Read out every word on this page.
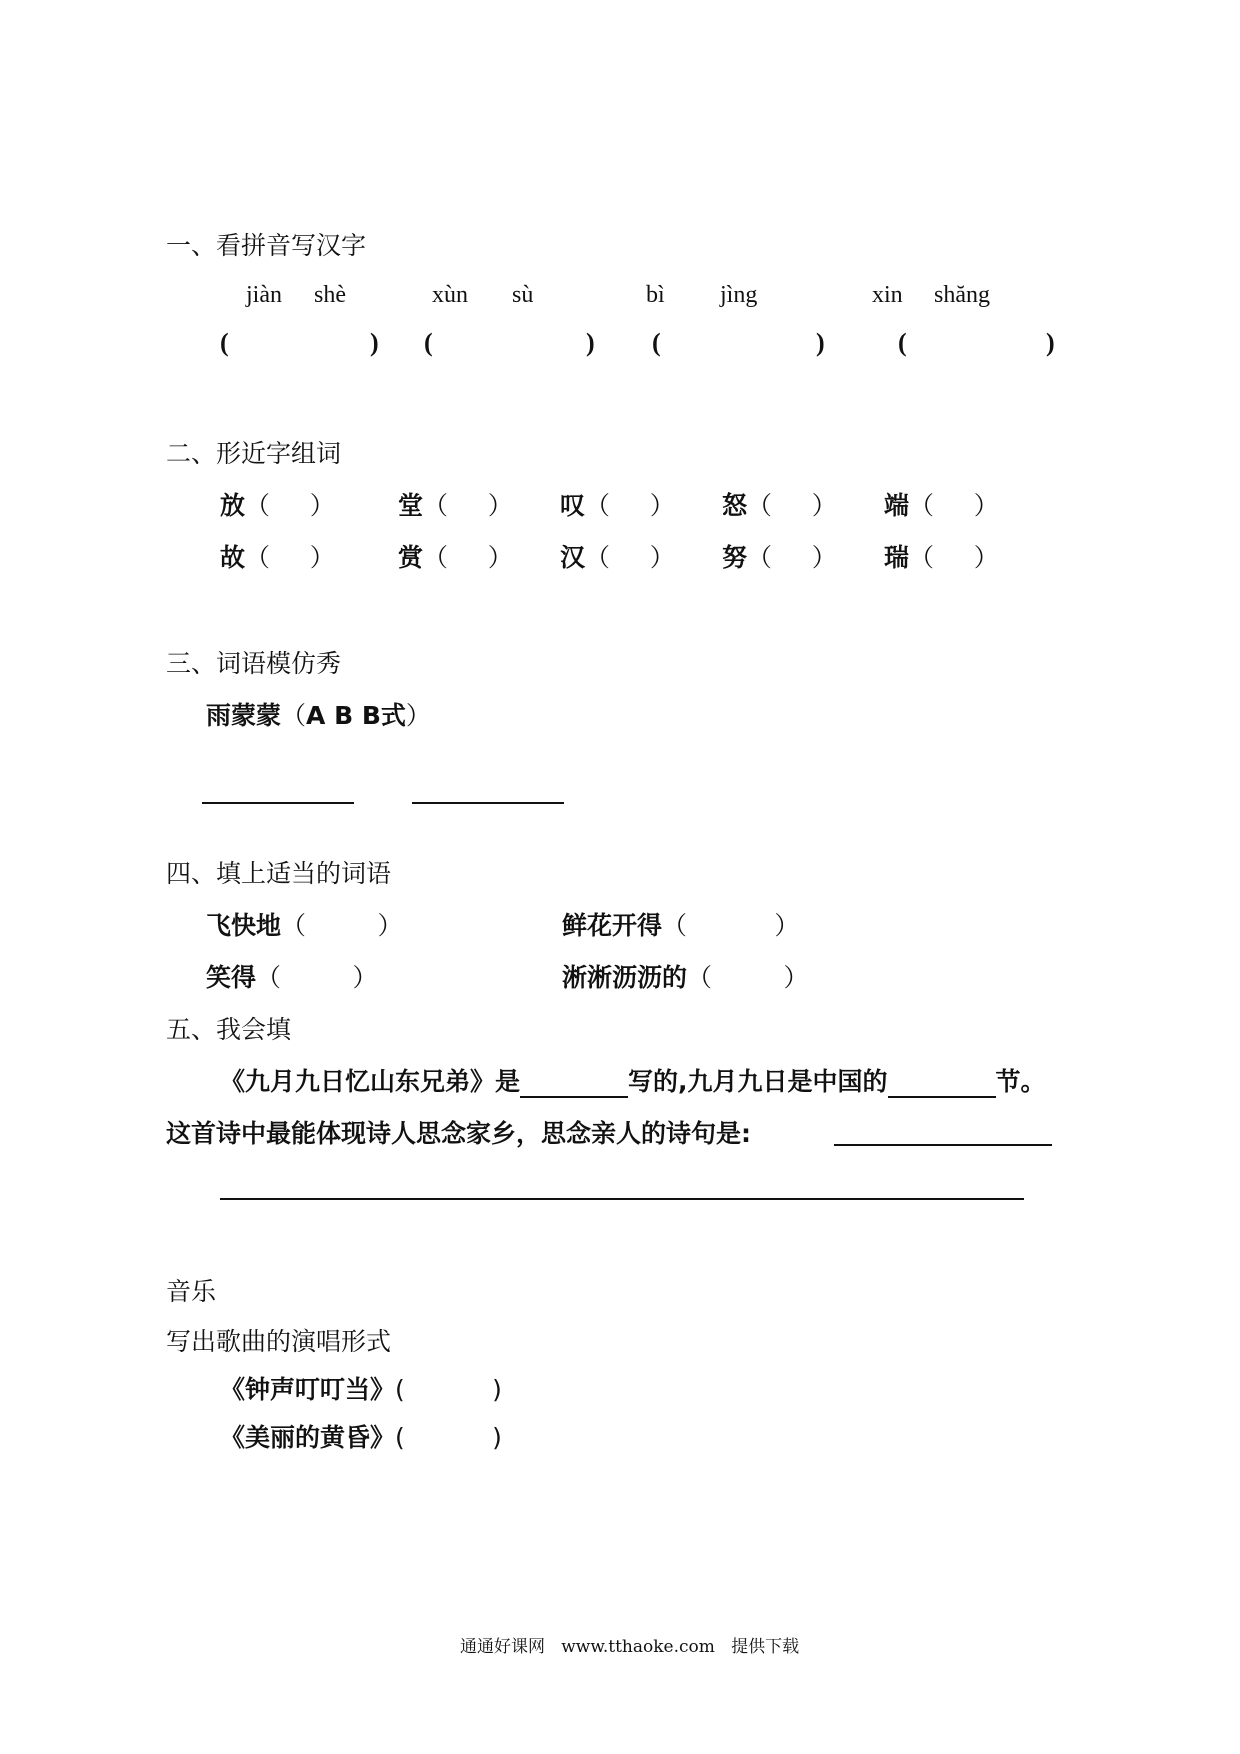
一、看拼音写汉字
jiàn shè	xùn sù	bì jìng	xin shăng
(	) (	) (	)	(	)
二、形近字组词
放（     ）	堂（     ） 叹（     ） 怒（     ） 端（     ）
故（     ）	赏（     ） 汉（     ） 努（     ） 瑞（     ）
三、词语模仿秀
雨蒙蒙（A B B式）
四、填上适当的词语
飞快地（         ）	鲜花开得（           ）
笑得（         ）	淅淅沥沥的（         ）
五、我会填
《九月九日忆山东兄弟》是	写的,九月九日是中国的	节。
这首诗中最能体现诗人思念家乡，思念亲人的诗句是:
音乐
写出歌曲的演唱形式
《钟声叮叮当》(           )
《美丽的黄昏》(           )
通通好课网 www.tthaoke.com 提供下载
